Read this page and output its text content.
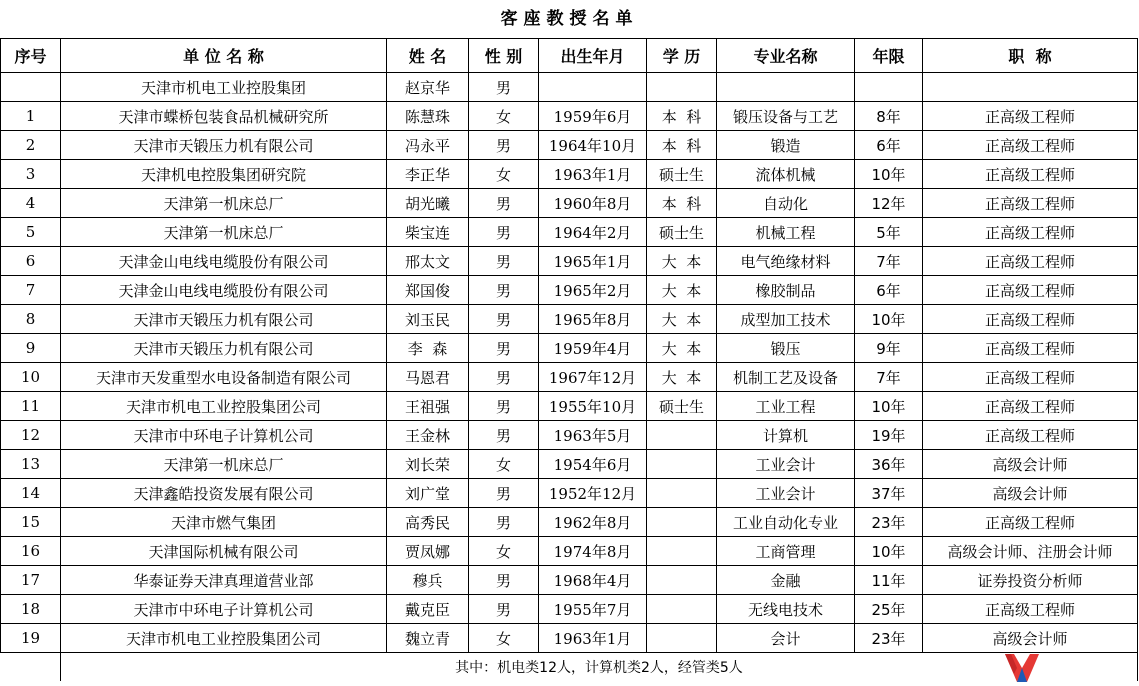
客座教授名单
序号	单 位 名 称	姓 名	性 别	出生年月	学 历	专业名称	年限	职  称
	天津市机电工业控股集团	赵京华	男					
1	天津市蝶桥包装食品机械研究所	陈慧珠	女	1959年6月	本  科	锻压设备与工艺	8年	正高级工程师
2	天津市天锻压力机有限公司	冯永平	男	1964年10月	本  科	锻造	6年	正高级工程师
3	天津机电控股集团研究院	李正华	女	1963年1月	硕士生	流体机械	10年	正高级工程师
4	天津第一机床总厂	胡光曦	男	1960年8月	本  科	自动化	12年	正高级工程师
5	天津第一机床总厂	柴宝连	男	1964年2月	硕士生	机械工程	5年	正高级工程师
6	天津金山电线电缆股份有限公司	邢太文	男	1965年1月	大  本	电气绝缘材料	7年	正高级工程师
7	天津金山电线电缆股份有限公司	郑国俊	男	1965年2月	大  本	橡胶制品	6年	正高级工程师
8	天津市天锻压力机有限公司	刘玉民	男	1965年8月	大  本	成型加工技术	10年	正高级工程师
9	天津市天锻压力机有限公司	李  森	男	1959年4月	大  本	锻压	9年	正高级工程师
10	天津市天发重型水电设备制造有限公司	马恩君	男	1967年12月	大  本	机制工艺及设备	7年	正高级工程师
11	天津市机电工业控股集团公司	王祖强	男	1955年10月	硕士生	工业工程	10年	正高级工程师
12	天津市中环电子计算机公司	王金林	男	1963年5月		计算机	19年	正高级工程师
13	天津第一机床总厂	刘长荣	女	1954年6月		工业会计	36年	高级会计师
14	天津鑫皓投资发展有限公司	刘广堂	男	1952年12月		工业会计	37年	高级会计师
15	天津市燃气集团	高秀民	男	1962年8月		工业自动化专业	23年	正高级工程师
16	天津国际机械有限公司	贾凤娜	女	1974年8月		工商管理	10年	高级会计师、注册会计师
17	华泰证券天津真理道营业部	穆兵	男	1968年4月		金融	11年	证券投资分析师
18	天津市中环电子计算机公司	戴克臣	男	1955年7月		无线电技术	25年	正高级工程师
19	天津市机电工业控股集团公司	魏立青	女	1963年1月		会计	23年	高级会计师
	其中：机电类12人，计算机类2人，经管类5人							
